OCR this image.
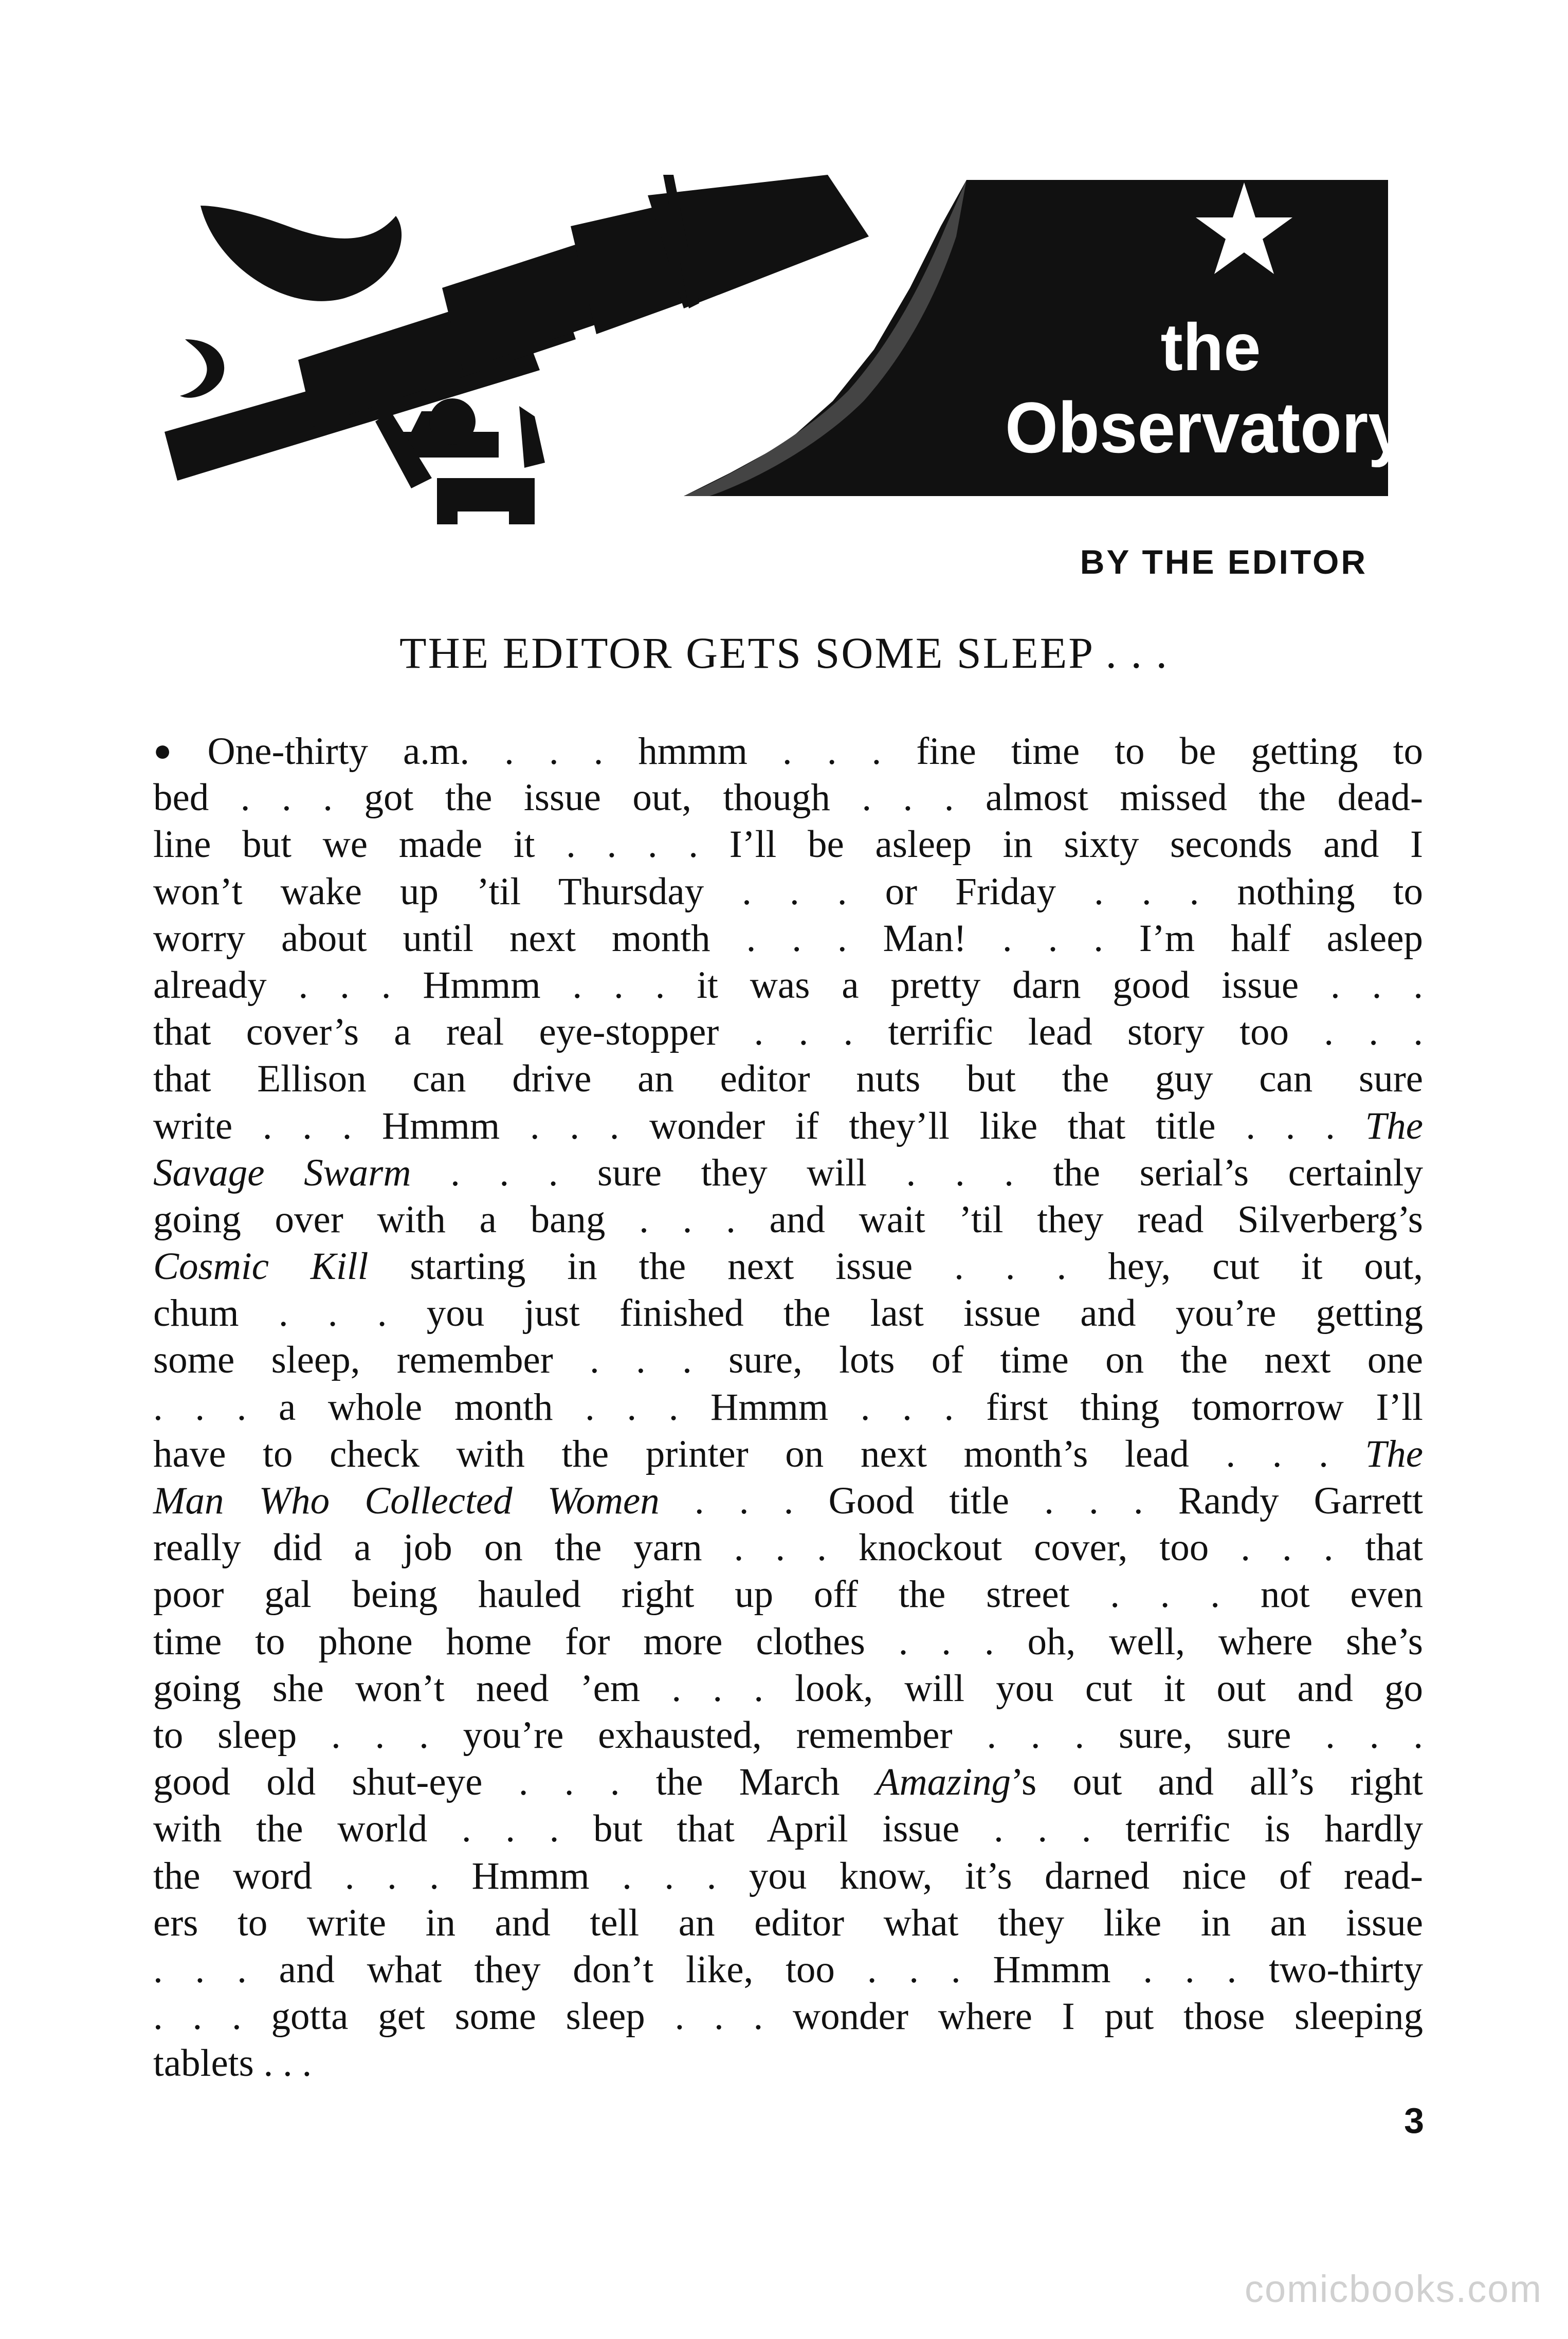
the
Observatory
BY THE EDITOR
THE EDITOR GETS SOME SLEEP . . .
● One-thirty a.m. . . . hmmm . . . fine time to be getting to
bed . . . got the issue out, though . . . almost missed the dead-
line but we made it . . . . I’ll be asleep in sixty seconds and I
won’t wake up ’til Thursday . . . or Friday . . . nothing to
worry about until next month . . . Man! . . . I’m half asleep
already . . . Hmmm . . . it was a pretty darn good issue . . .
that cover’s a real eye-stopper . . . terrific lead story too . . .
that Ellison can drive an editor nuts but the guy can sure
write . . . Hmmm . . . wonder if they’ll like that title . . . The
Savage Swarm . . . sure they will . . . the serial’s certainly
going over with a bang . . . and wait ’til they read Silverberg’s
Cosmic Kill starting in the next issue . . . hey, cut it out,
chum . . . you just finished the last issue and you’re getting
some sleep, remember . . . sure, lots of time on the next one
. . . a whole month . . . Hmmm . . . first thing tomorrow I’ll
have to check with the printer on next month’s lead . . . The
Man Who Collected Women . . . Good title . . . Randy Garrett
really did a job on the yarn . . . knockout cover, too . . . that
poor gal being hauled right up off the street . . . not even
time to phone home for more clothes . . . oh, well, where she’s
going she won’t need ’em . . . look, will you cut it out and go
to sleep . . . you’re exhausted, remember . . . sure, sure . . .
good old shut-eye . . . the March Amazing’s out and all’s right
with the world . . . but that April issue . . . terrific is hardly
the word . . . Hmmm . . . you know, it’s darned nice of read-
ers to write in and tell an editor what they like in an issue
. . . and what they don’t like, too . . . Hmmm . . . two-thirty
. . . gotta get some sleep . . . wonder where I put those sleeping
tablets . . .
3
comicbooks.com
